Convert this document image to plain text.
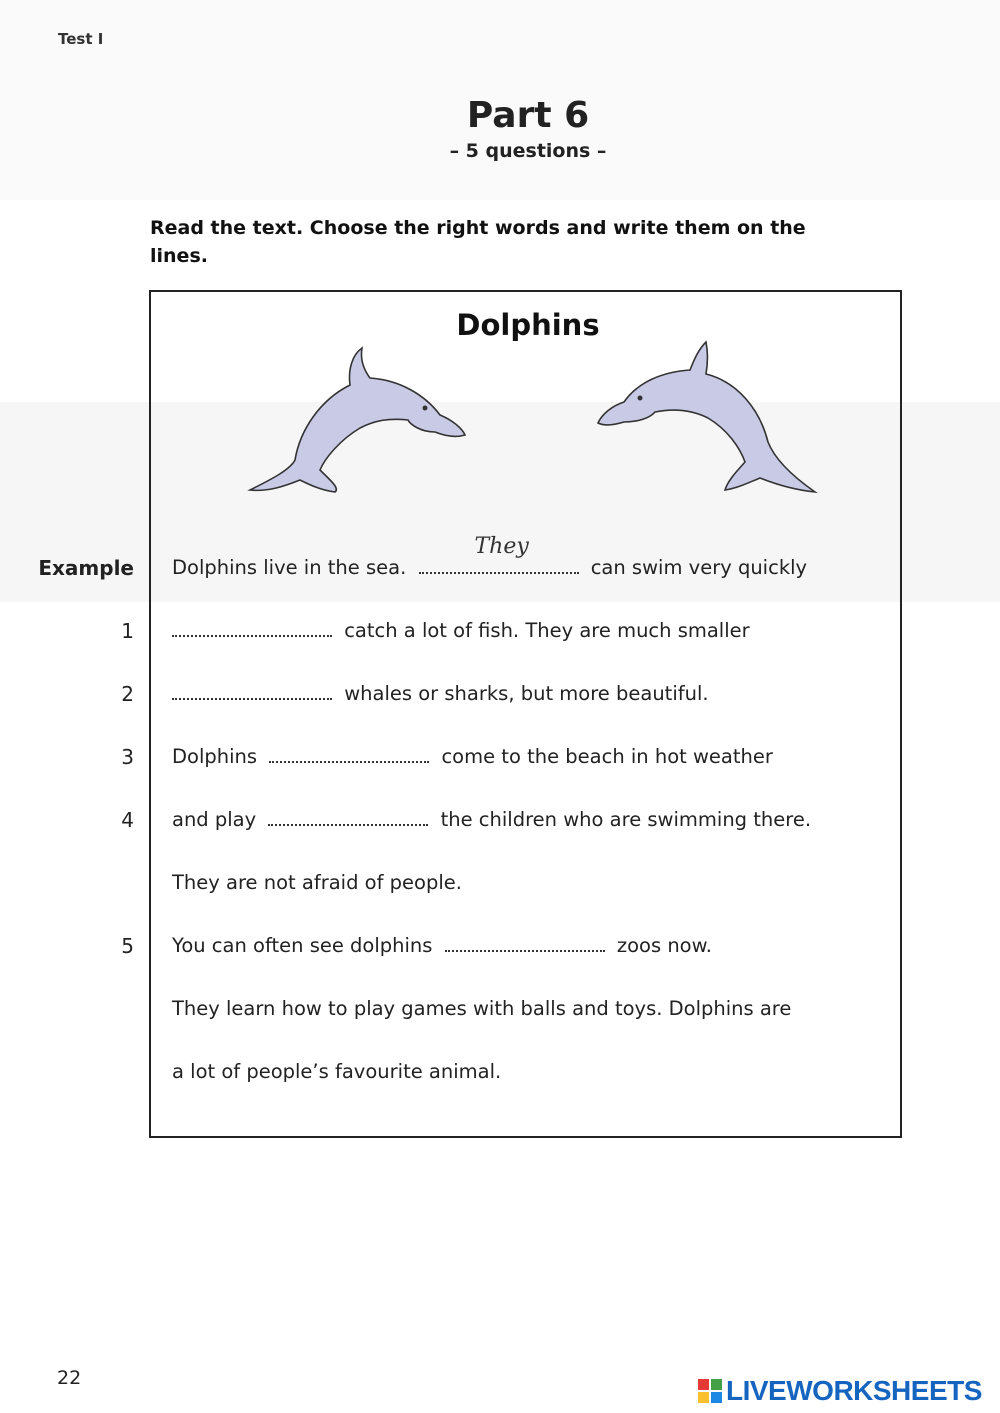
Test I
Part 6
– 5 questions –
Read the text. Choose the right words and write them on the lines.
Dolphins
Example Dolphins live in the sea.
They
can swim very quickly
1	catch a lot of fish. They are much smaller
2	whales or sharks, but more beautiful.
3 Dolphins	come to the beach in hot weather
4 and play	the children who are swimming there.
They are not afraid of people.
5 You can often see dolphins	zoos now.
They learn how to play games with balls and toys. Dolphins are
a lot of people’s favourite animal.
22	LIVEWORKSHEETS
